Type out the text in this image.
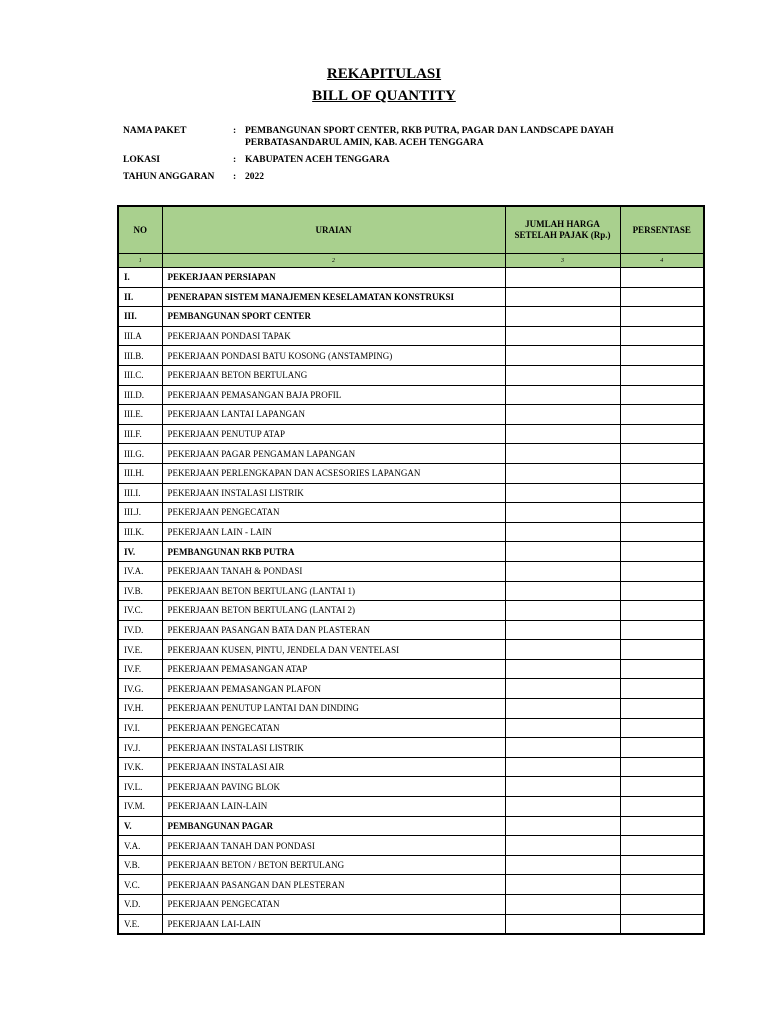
REKAPITULASI
BILL OF QUANTITY
NAMA PAKET	: PEMBANGUNAN SPORT CENTER, RKB PUTRA, PAGAR DAN LANDSCAPE DAYAH PERBATASANDARUL AMIN, KAB. ACEH TENGGARA
LOKASI	: KABUPATEN ACEH TENGGARA
TAHUN ANGGARAN	: 2022
NO	URAIAN	JUMLAH HARGA SETELAH PAJAK (Rp.)	PERSENTASE
1	2	3	4
I.	PEKERJAAN PERSIAPAN		
II.	PENERAPAN SISTEM MANAJEMEN KESELAMATAN KONSTRUKSI		
III.	PEMBANGUNAN SPORT CENTER		
III.A	PEKERJAAN PONDASI TAPAK		
III.B.	PEKERJAAN PONDASI BATU KOSONG (ANSTAMPING)		
III.C.	PEKERJAAN BETON BERTULANG		
III.D.	PEKERJAAN PEMASANGAN BAJA PROFIL		
III.E.	PEKERJAAN LANTAI LAPANGAN		
III.F.	PEKERJAAN PENUTUP ATAP		
III.G.	PEKERJAAN PAGAR PENGAMAN LAPANGAN		
III.H.	PEKERJAAN PERLENGKAPAN DAN ACSESORIES LAPANGAN		
III.I.	PEKERJAAN INSTALASI LISTRIK		
III.J.	PEKERJAAN PENGECATAN		
III.K.	PEKERJAAN LAIN - LAIN		
IV.	PEMBANGUNAN RKB PUTRA		
IV.A.	PEKERJAAN TANAH & PONDASI		
IV.B.	PEKERJAAN BETON BERTULANG (LANTAI 1)		
IV.C.	PEKERJAAN BETON BERTULANG (LANTAI 2)		
IV.D.	PEKERJAAN PASANGAN BATA DAN PLASTERAN		
IV.E.	PEKERJAAN KUSEN, PINTU, JENDELA DAN VENTELASI		
IV.F.	PEKERJAAN PEMASANGAN ATAP		
IV.G.	PEKERJAAN PEMASANGAN PLAFON		
IV.H.	PEKERJAAN PENUTUP LANTAI DAN DINDING		
IV.I.	PEKERJAAN PENGECATAN		
IV.J.	PEKERJAAN INSTALASI LISTRIK		
IV.K.	PEKERJAAN INSTALASI AIR		
IV.L.	PEKERJAAN PAVING BLOK		
IV.M.	PEKERJAAN LAIN-LAIN		
V.	PEMBANGUNAN PAGAR		
V.A.	PEKERJAAN TANAH DAN PONDASI		
V.B.	PEKERJAAN BETON / BETON BERTULANG		
V.C.	PEKERJAAN PASANGAN DAN PLESTERAN		
V.D.	PEKERJAAN PENGECATAN		
V.E.	PEKERJAAN LAI-LAIN		
